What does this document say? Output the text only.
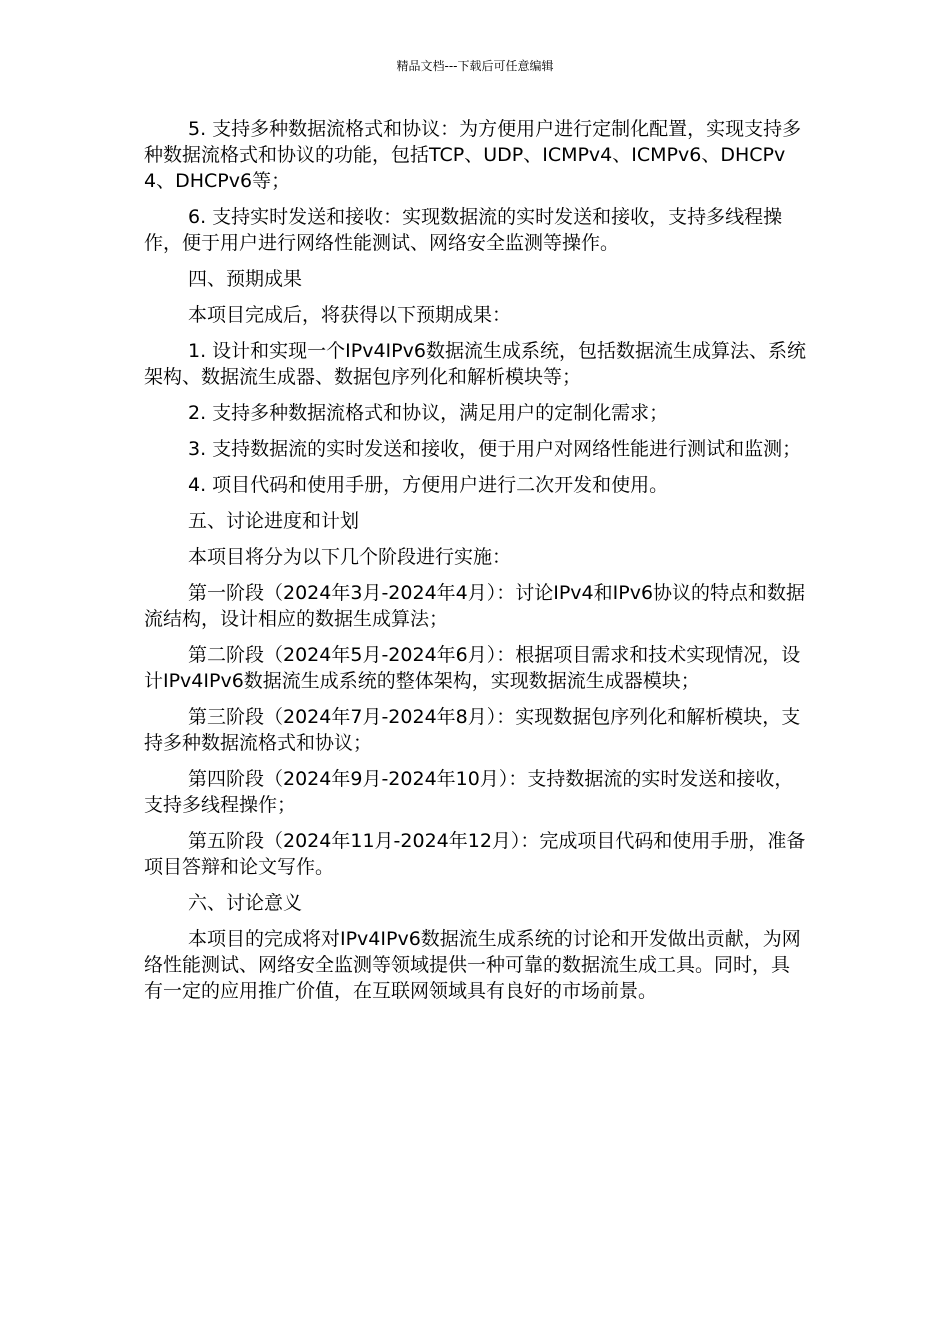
精品文档---下载后可任意编辑

5. 支持多种数据流格式和协议：为方便用户进行定制化配置，实现支持多种数据流格式和协议的功能，包括TCP、UDP、ICMPv4、ICMPv6、DHCPv4、DHCPv6等；

6. 支持实时发送和接收：实现数据流的实时发送和接收，支持多线程操作，便于用户进行网络性能测试、网络安全监测等操作。

四、预期成果

本项目完成后，将获得以下预期成果：

1. 设计和实现一个IPv4IPv6数据流生成系统，包括数据流生成算法、系统架构、数据流生成器、数据包序列化和解析模块等；

2. 支持多种数据流格式和协议，满足用户的定制化需求；

3. 支持数据流的实时发送和接收，便于用户对网络性能进行测试和监测；

4. 项目代码和使用手册，方便用户进行二次开发和使用。

五、讨论进度和计划

本项目将分为以下几个阶段进行实施：

第一阶段（2024年3月-2024年4月）：讨论IPv4和IPv6协议的特点和数据流结构，设计相应的数据生成算法；

第二阶段（2024年5月-2024年6月）：根据项目需求和技术实现情况，设计IPv4IPv6数据流生成系统的整体架构，实现数据流生成器模块；

第三阶段（2024年7月-2024年8月）：实现数据包序列化和解析模块，支持多种数据流格式和协议；

第四阶段（2024年9月-2024年10月）：支持数据流的实时发送和接收，支持多线程操作；

第五阶段（2024年11月-2024年12月）：完成项目代码和使用手册，准备项目答辩和论文写作。

六、讨论意义

本项目的完成将对IPv4IPv6数据流生成系统的讨论和开发做出贡献，为网络性能测试、网络安全监测等领域提供一种可靠的数据流生成工具。同时，具有一定的应用推广价值，在互联网领域具有良好的市场前景。
